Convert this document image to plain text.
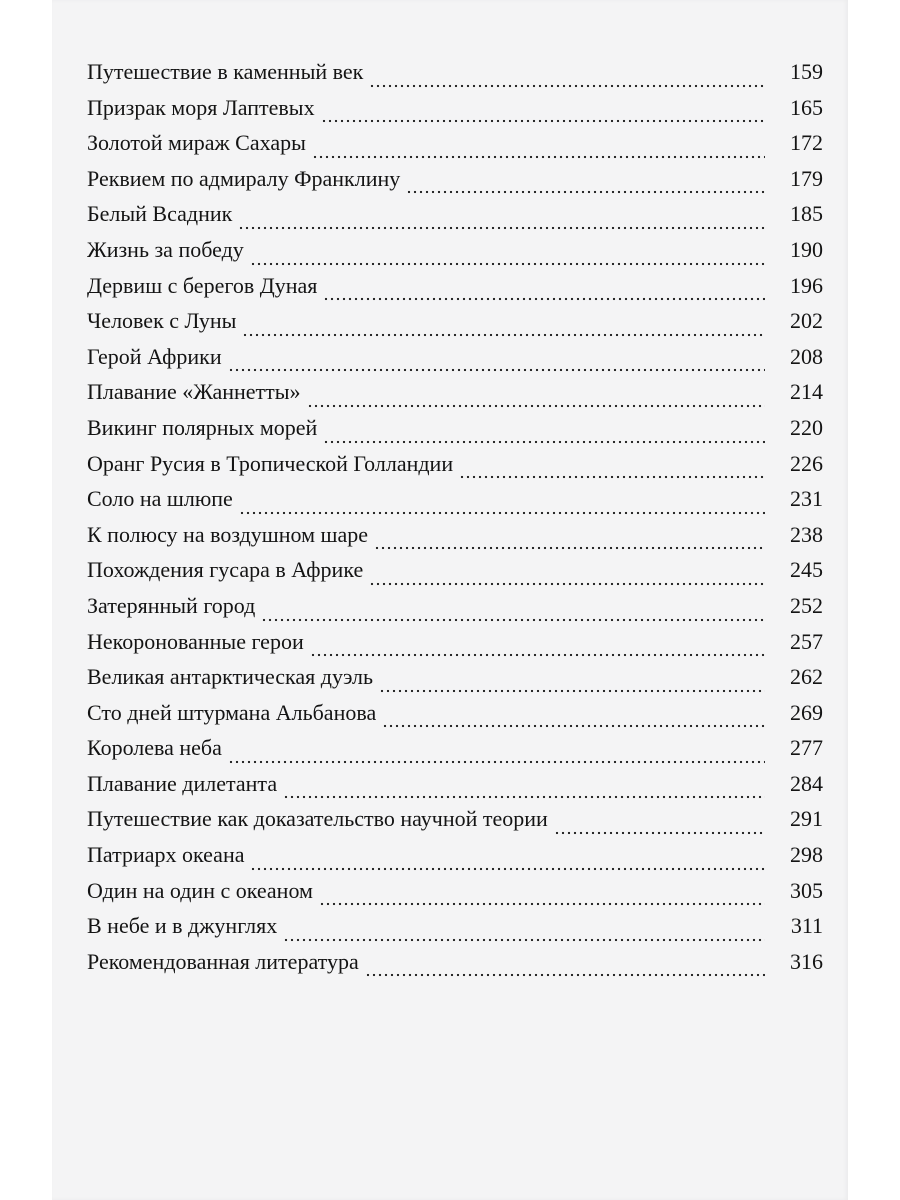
Путешествие в каменный век	159
Призрак моря Лаптевых	165
Золотой мираж Сахары	172
Реквием по адмиралу Франклину	179
Белый Всадник	185
Жизнь за победу	190
Дервиш с берегов Дуная	196
Человек с Луны	202
Герой Африки	208
Плавание «Жаннетты»	214
Викинг полярных морей	220
Оранг Русия в Тропической Голландии	226
Соло на шлюпе	231
К полюсу на воздушном шаре	238
Похождения гусара в Африке	245
Затерянный город	252
Некоронованные герои	257
Великая антарктическая дуэль	262
Сто дней штурмана Альбанова	269
Королева неба	277
Плавание дилетанта	284
Путешествие как доказательство научной теории	291
Патриарх океана	298
Один на один с океаном	305
В небе и в джунглях	311
Рекомендованная литература	316
